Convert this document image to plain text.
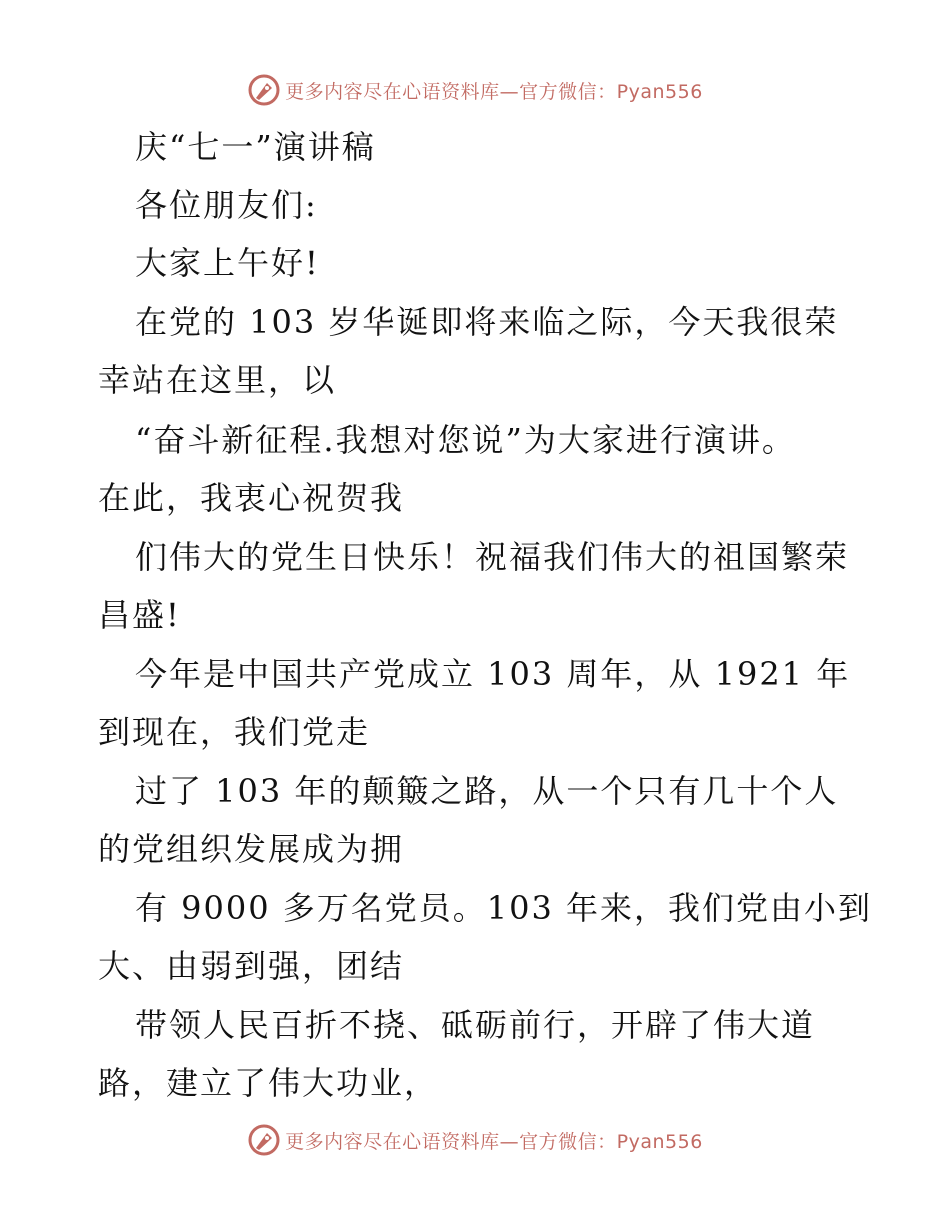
更多内容尽在心语资料库—官方微信：Pyan556
庆“七一”演讲稿
各位朋友们:
大家上午好!
在党的 103 岁华诞即将来临之际，今天我很荣
幸站在这里，以
“奋斗新征程.我想对您说”为大家进行演讲。
在此，我衷心祝贺我
们伟大的党生日快乐！祝福我们伟大的祖国繁荣
昌盛!
今年是中国共产党成立 103 周年，从 1921 年
到现在，我们党走
过了 103 年的颠簸之路，从一个只有几十个人
的党组织发展成为拥
有 9000 多万名党员。103 年来，我们党由小到
大、由弱到强，团结
带领人民百折不挠、砥砺前行，开辟了伟大道
路，建立了伟大功业，
更多内容尽在心语资料库—官方微信：Pyan556
